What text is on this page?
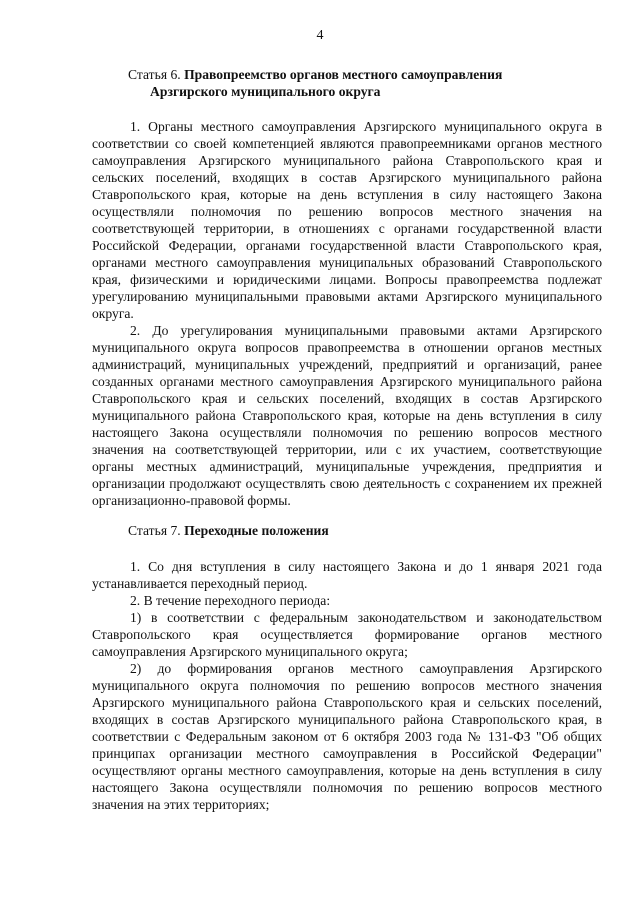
4
Статья 6. Правопреемство органов местного самоуправления
Арзгирского муниципального округа

1. Органы местного самоуправления Арзгирского муниципального округа в соответствии со своей компетенцией являются правопреемниками органов местного самоуправления Арзгирского муниципального района Ставропольского края и сельских поселений, входящих в состав Арзгирского муниципального района Ставропольского края, которые на день вступления в силу настоящего Закона осуществляли полномочия по решению вопросов местного значения на соответствующей территории, в отношениях с органами государственной власти Российской Федерации, органами государственной власти Ставропольского края, органами местного самоуправления муниципальных образований Ставропольского края, физическими и юридическими лицами. Вопросы правопреемства подлежат урегулированию муниципальными правовыми актами Арзгирского муниципального округа.

2. До урегулирования муниципальными правовыми актами Арзгирского муниципального округа вопросов правопреемства в отношении органов местных администраций, муниципальных учреждений, предприятий и организаций, ранее созданных органами местного самоуправления Арзгирского муниципального района Ставропольского края и сельских поселений, входящих в состав Арзгирского муниципального района Ставропольского края, которые на день вступления в силу настоящего Закона осуществляли полномочия по решению вопросов местного значения на соответствующей территории, или с их участием, соответствующие органы местных администраций, муниципальные учреждения, предприятия и организации продолжают осуществлять свою деятельность с сохранением их прежней организационно-правовой формы.

Статья 7. Переходные положения

1. Со дня вступления в силу настоящего Закона и до 1 января 2021 года устанавливается переходный период.

2. В течение переходного периода:

1) в соответствии с федеральным законодательством и законодательством Ставропольского края осуществляется формирование органов местного самоуправления Арзгирского муниципального округа;

2) до формирования органов местного самоуправления Арзгирского муниципального округа полномочия по решению вопросов местного значения Арзгирского муниципального района Ставропольского края и сельских поселений, входящих в состав Арзгирского муниципального района Ставропольского края, в соответствии с Федеральным законом от 6 октября 2003 года № 131-ФЗ "Об общих принципах организации местного самоуправления в Российской Федерации" осуществляют органы местного самоуправления, которые на день вступления в силу настоящего Закона осуществляли полномочия по решению вопросов местного значения на этих территориях;
